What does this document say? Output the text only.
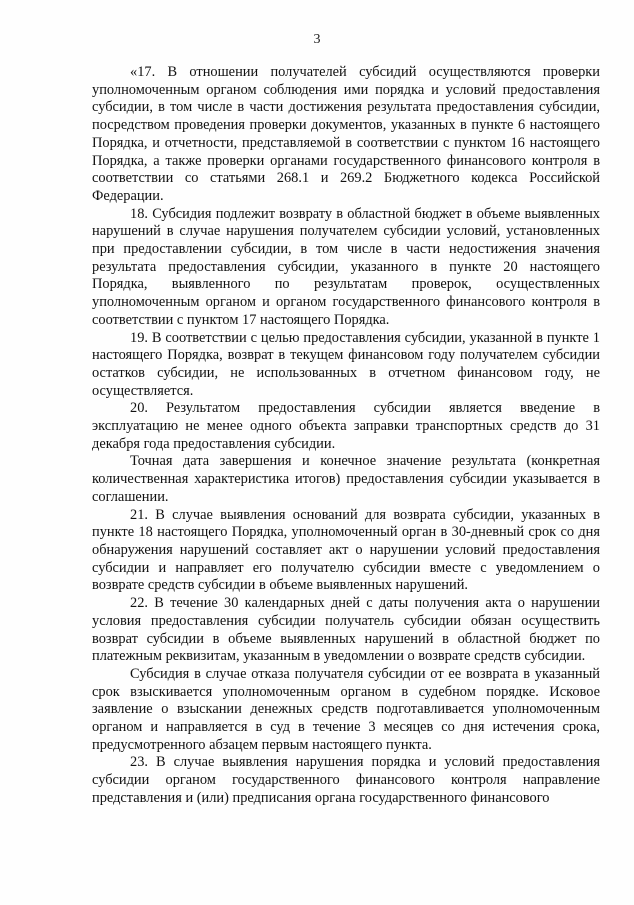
3

«17. В отношении получателей субсидий осуществляются проверки уполномоченным органом соблюдения ими порядка и условий предоставления субсидии, в том числе в части достижения результата предоставления субсидии, посредством проведения проверки документов, указанных в пункте 6 настоящего Порядка, и отчетности, представляемой в соответствии с пунктом 16 настоящего Порядка, а также проверки органами государственного финансового контроля в соответствии со статьями 268.1 и 269.2 Бюджетного кодекса Российской Федерации.

18. Субсидия подлежит возврату в областной бюджет в объеме выявленных нарушений в случае нарушения получателем субсидии условий, установленных при предоставлении субсидии, в том числе в части недостижения значения результата предоставления субсидии, указанного в пункте 20 настоящего Порядка, выявленного по результатам проверок, осуществленных уполномоченным органом и органом государственного финансового контроля в соответствии с пунктом 17 настоящего Порядка.

19. В соответствии с целью предоставления субсидии, указанной в пункте 1 настоящего Порядка, возврат в текущем финансовом году получателем субсидии остатков субсидии, не использованных в отчетном финансовом году, не осуществляется.

20. Результатом предоставления субсидии является введение в эксплуатацию не менее одного объекта заправки транспортных средств до 31 декабря года предоставления субсидии.

Точная дата завершения и конечное значение результата (конкретная количественная характеристика итогов) предоставления субсидии указывается в соглашении.

21. В случае выявления оснований для возврата субсидии, указанных в пункте 18 настоящего Порядка, уполномоченный орган в 30-дневный срок со дня обнаружения нарушений составляет акт о нарушении условий предоставления субсидии и направляет его получателю субсидии вместе с уведомлением о возврате средств субсидии в объеме выявленных нарушений.

22. В течение 30 календарных дней с даты получения акта о нарушении условия предоставления субсидии получатель субсидии обязан осуществить возврат субсидии в объеме выявленных нарушений в областной бюджет по платежным реквизитам, указанным в уведомлении о возврате средств субсидии.

Субсидия в случае отказа получателя субсидии от ее возврата в указанный срок взыскивается уполномоченным органом в судебном порядке. Исковое заявление о взыскании денежных средств подготавливается уполномоченным органом и направляется в суд в течение 3 месяцев со дня истечения срока, предусмотренного абзацем первым настоящего пункта.

23. В случае выявления нарушения порядка и условий предоставления субсидии органом государственного финансового контроля направление представления и (или) предписания органа государственного финансового
